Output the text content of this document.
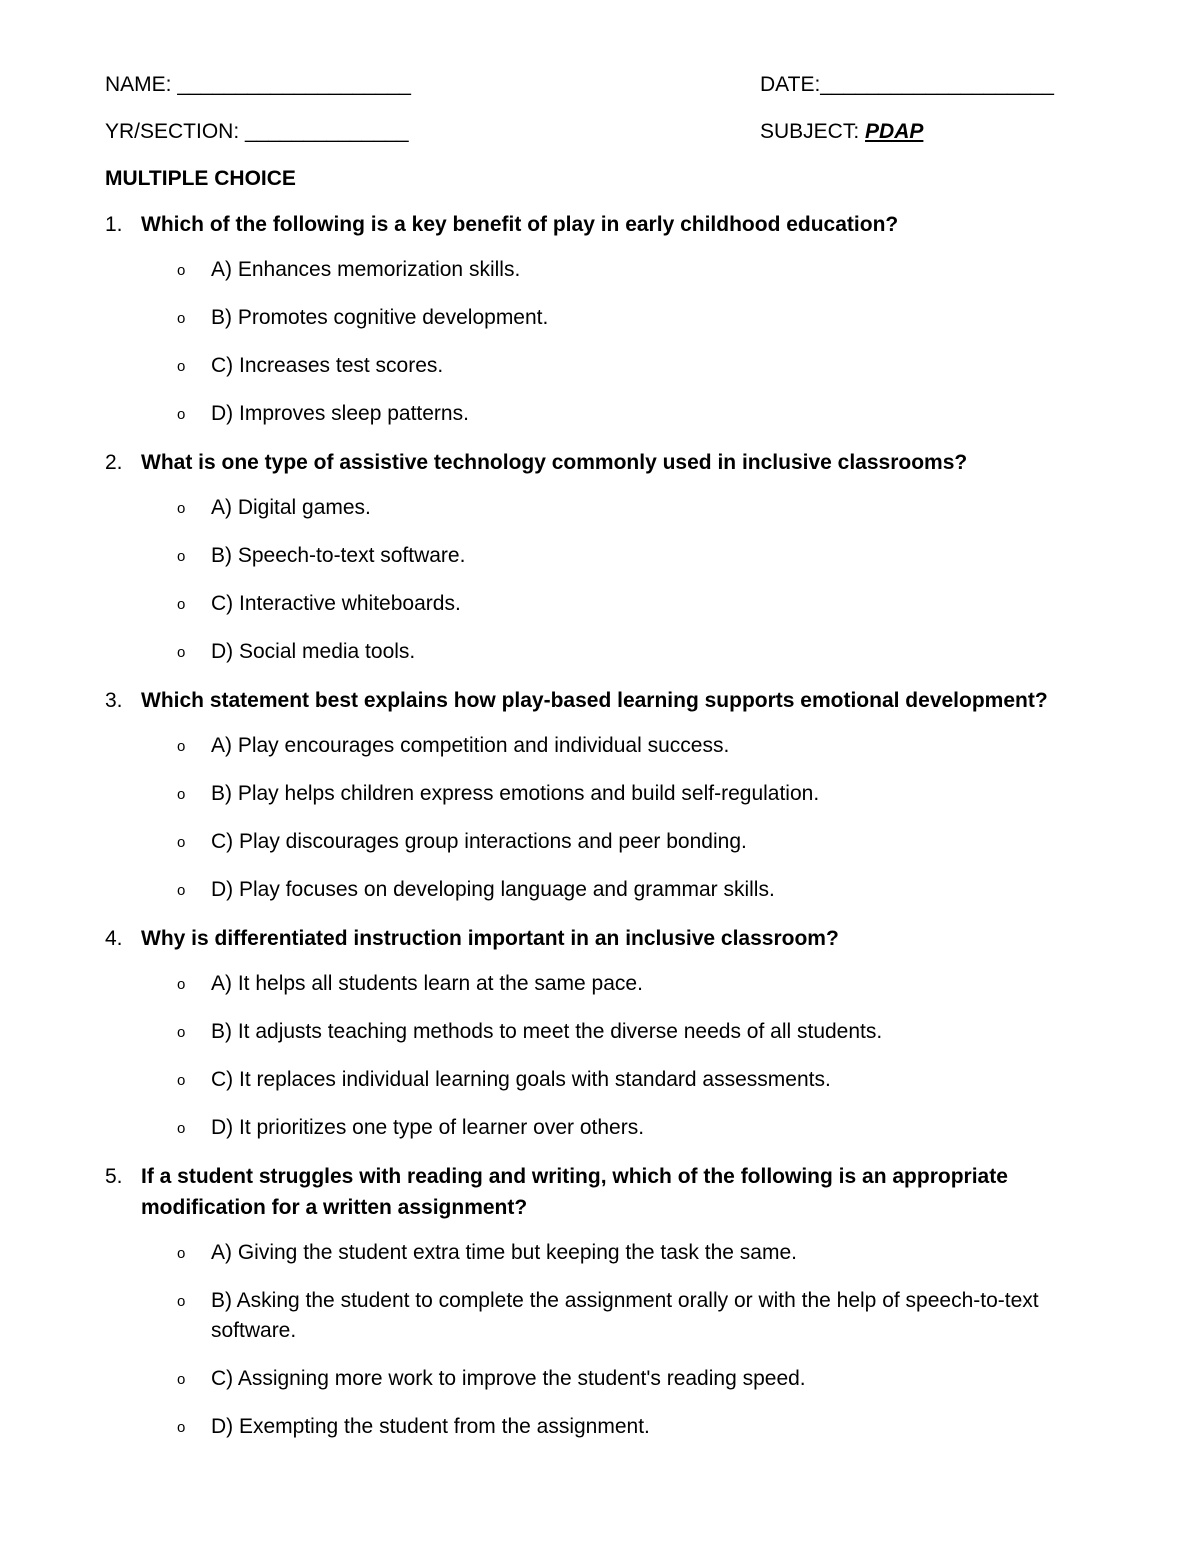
NAME: ____________________	DATE:____________________
YR/SECTION: ______________	SUBJECT: PDAP
MULTIPLE CHOICE
1. Which of the following is a key benefit of play in early childhood education?
o A) Enhances memorization skills.
o B) Promotes cognitive development.
o C) Increases test scores.
o D) Improves sleep patterns.
2. What is one type of assistive technology commonly used in inclusive classrooms?
o A) Digital games.
o B) Speech-to-text software.
o C) Interactive whiteboards.
o D) Social media tools.
3. Which statement best explains how play-based learning supports emotional development?
o A) Play encourages competition and individual success.
o B) Play helps children express emotions and build self-regulation.
o C) Play discourages group interactions and peer bonding.
o D) Play focuses on developing language and grammar skills.
4. Why is differentiated instruction important in an inclusive classroom?
o A) It helps all students learn at the same pace.
o B) It adjusts teaching methods to meet the diverse needs of all students.
o C) It replaces individual learning goals with standard assessments.
o D) It prioritizes one type of learner over others.
5. If a student struggles with reading and writing, which of the following is an appropriate modification for a written assignment?
o A) Giving the student extra time but keeping the task the same.
o B) Asking the student to complete the assignment orally or with the help of speech-to-text software.
o C) Assigning more work to improve the student's reading speed.
o D) Exempting the student from the assignment.
